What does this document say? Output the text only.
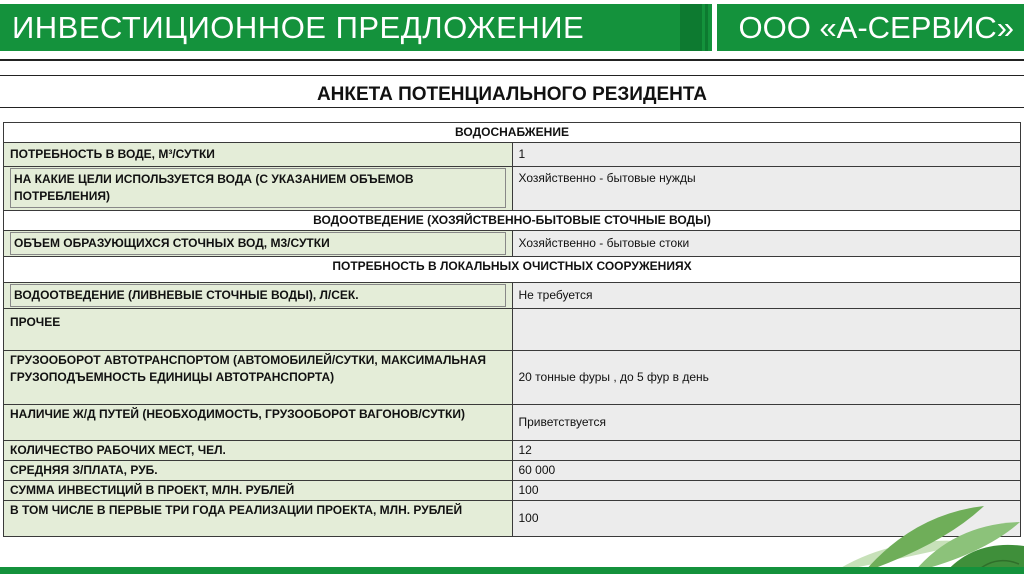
ИНВЕСТИЦИОННОЕ ПРЕДЛОЖЕНИЕ	ООО «А-СЕРВИС»
АНКЕТА ПОТЕНЦИАЛЬНОГО РЕЗИДЕНТА
ВОДОСНАБЖЕНИЕ	
ПОТРЕБНОСТЬ В ВОДЕ, М³/СУТКИ	1

НА КАКИЕ ЦЕЛИ ИСПОЛЬЗУЕТСЯ ВОДА (С УКАЗАНИЕМ ОБЪЕМОВ ПОТРЕБЛЕНИЯ)	Хозяйственно - бытовые нужды

ВОДООТВЕДЕНИЕ (ХОЗЯЙСТВЕННО-БЫТОВЫЕ СТОЧНЫЕ ВОДЫ)	

ОБЪЕМ ОБРАЗУЮЩИХСЯ СТОЧНЫХ ВОД, М3/СУТКИ	Хозяйственно - бытовые стоки
ПОТРЕБНОСТЬ В ЛОКАЛЬНЫХ ОЧИСТНЫХ СООРУЖЕНИЯХ	

ВОДООТВЕДЕНИЕ (ЛИВНЕВЫЕ СТОЧНЫЕ ВОДЫ), Л/СЕК.	Не требуется

ПРОЧЕЕ	

ГРУЗООБОРОТ АВТОТРАНСПОРТОМ (АВТОМОБИЛЕЙ/СУТКИ, МАКСИМАЛЬНАЯ ГРУЗОПОДЪЕМНОСТЬ ЕДИНИЦЫ АВТОТРАНСПОРТА)	20 тонные фуры , до 5 фур в день
НАЛИЧИЕ Ж/Д ПУТЕЙ (НЕОБХОДИМОСТЬ, ГРУЗООБОРОТ ВАГОНОВ/СУТКИ)	Приветствуется
КОЛИЧЕСТВО РАБОЧИХ МЕСТ, ЧЕЛ.	12
СРЕДНЯЯ З/ПЛАТА, РУБ.	60 000
СУММА ИНВЕСТИЦИЙ В ПРОЕКТ, МЛН. РУБЛЕЙ	100
В ТОМ ЧИСЛЕ В ПЕРВЫЕ ТРИ ГОДА РЕАЛИЗАЦИИ ПРОЕКТА, МЛН. РУБЛЕЙ	100
